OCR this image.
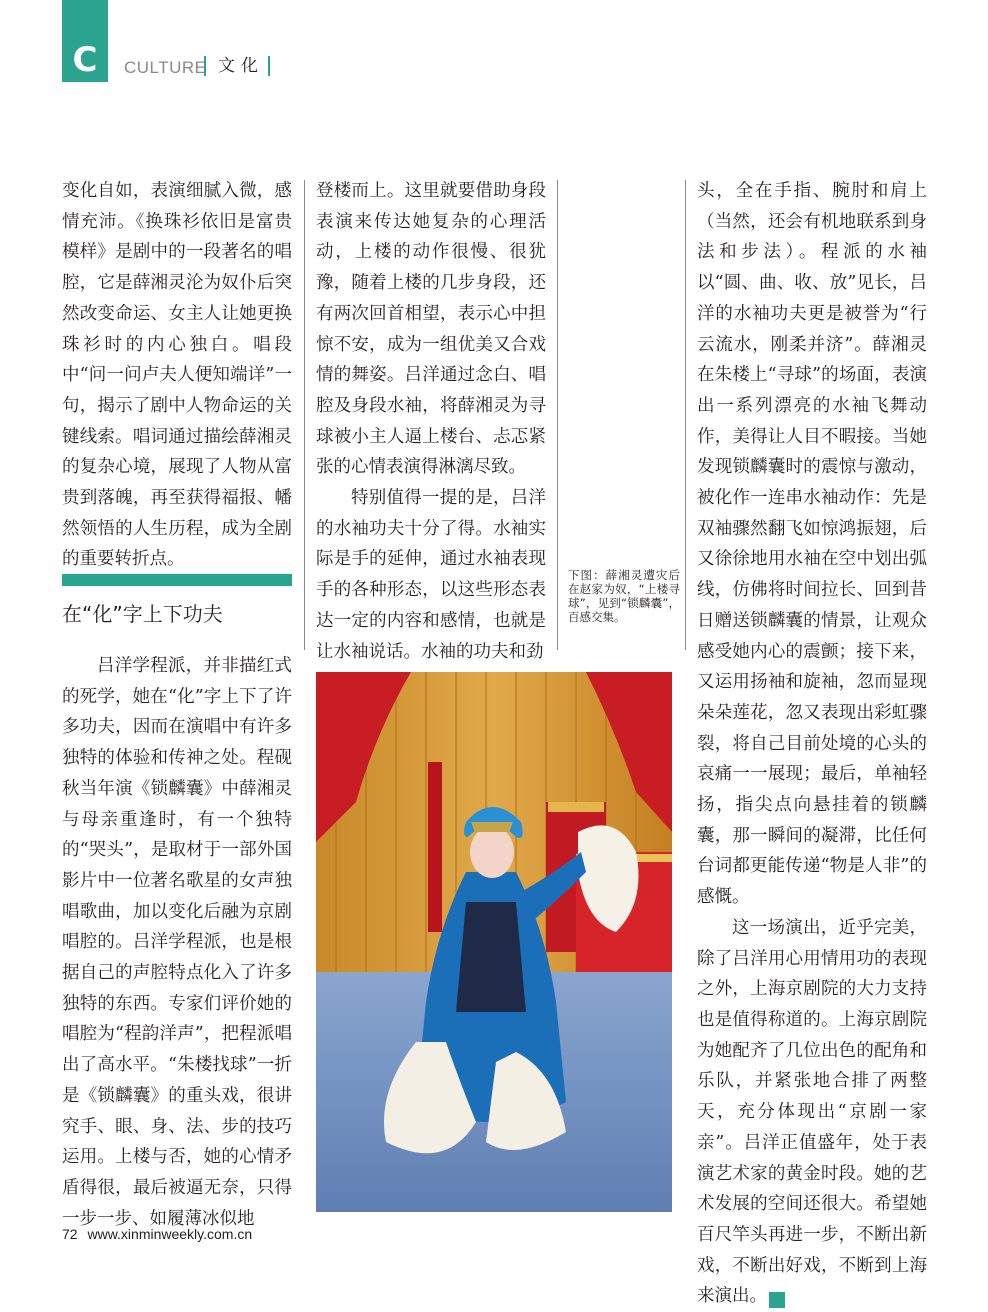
C CULTURE 文化

变化自如，表演细腻入微，感情充沛。《换珠衫依旧是富贵模样》是剧中的一段著名的唱腔，它是薛湘灵沦为奴仆后突然改变命运、女主人让她更换珠衫时的内心独白。唱段中“问一问卢夫人便知端详”一句，揭示了剧中人物命运的关键线索。唱词通过描绘薛湘灵的复杂心境，展现了人物从富贵到落魄，再至获得福报、幡然领悟的人生历程，成为全剧的重要转折点。

在“化”字上下功夫

吕洋学程派，并非描红式的死学，她在“化”字上下了许多功夫，因而在演唱中有许多独特的体验和传神之处。程砚秋当年演《锁麟囊》中薛湘灵与母亲重逢时，有一个独特的“哭头”，是取材于一部外国影片中一位著名歌星的女声独唱歌曲，加以变化后融为京剧唱腔的。吕洋学程派，也是根据自己的声腔特点化入了许多独特的东西。专家们评价她的唱腔为“程韵洋声”，把程派唱出了高水平。“朱楼找球”一折是《锁麟囊》的重头戏，很讲究手、眼、身、法、步的技巧运用。上楼与否，她的心情矛盾得很，最后被逼无奈，只得一步一步、如履薄冰似地

登楼而上。这里就要借助身段表演来传达她复杂的心理活动，上楼的动作很慢、很犹豫，随着上楼的几步身段，还有两次回首相望，表示心中担惊不安，成为一组优美又合戏情的舞姿。吕洋通过念白、唱腔及身段水袖，将薛湘灵为寻球被小主人逼上楼台、忐忑紧张的心情表演得淋漓尽致。

特别值得一提的是，吕洋的水袖功夫十分了得。水袖实际是手的延伸，通过水袖表现手的各种形态，以这些形态表达一定的内容和感情，也就是让水袖说话。水袖的功夫和劲

下图：薛湘灵遭灾后在赵家为奴，“上楼寻球”，见到“锁麟囊”，百感交集。

头，全在手指、腕肘和肩上（当然，还会有机地联系到身法和步法）。程派的水袖以“圆、曲、收、放”见长，吕洋的水袖功夫更是被誉为“行云流水，刚柔并济”。薛湘灵在朱楼上“寻球”的场面，表演出一系列漂亮的水袖飞舞动作，美得让人目不暇接。当她发现锁麟囊时的震惊与激动，被化作一连串水袖动作：先是双袖骤然翻飞如惊鸿振翅，后又徐徐地用水袖在空中划出弧线，仿佛将时间拉长、回到昔日赠送锁麟囊的情景，让观众感受她内心的震颤；接下来，又运用扬袖和旋袖，忽而显现朵朵莲花，忽又表现出彩虹骤裂，将自己目前处境的心头的哀痛一一展现；最后，单袖轻扬，指尖点向悬挂着的锁麟囊，那一瞬间的凝滞，比任何台词都更能传递“物是人非”的感慨。

这一场演出，近乎完美，除了吕洋用心用情用功的表现之外，上海京剧院的大力支持也是值得称道的。上海京剧院为她配齐了几位出色的配角和乐队，并紧张地合排了两整天，充分体现出“京剧一家亲”。吕洋正值盛年，处于表演艺术家的黄金时段。她的艺术发展的空间还很大。希望她百尺竿头再进一步，不断出新戏，不断出好戏，不断到上海来演出。	民

72 www.xinminweekly.com.cn
